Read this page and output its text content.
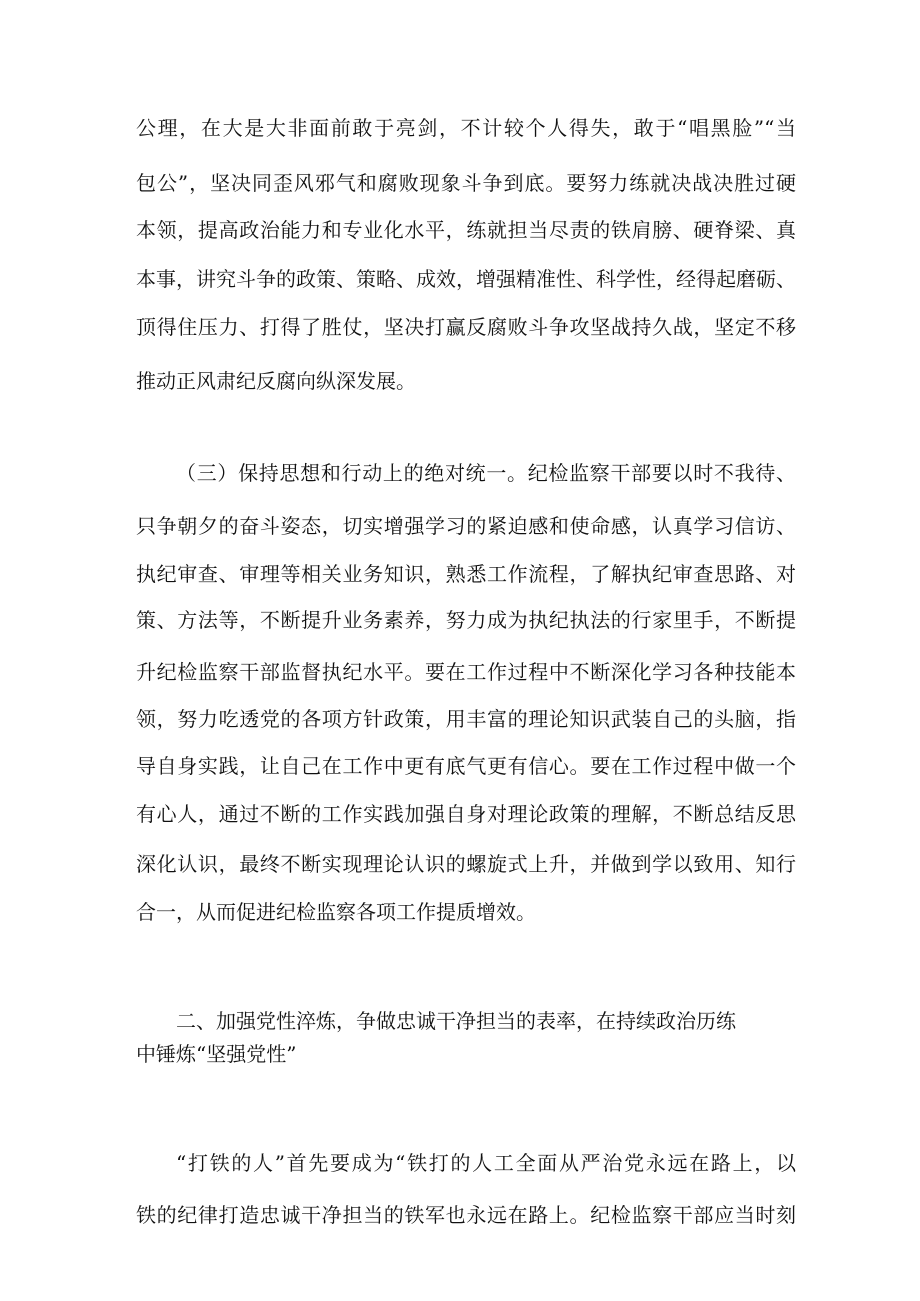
公理，在大是大非面前敢于亮剑，不计较个人得失，敢于“唱黑脸”“当
包公”，坚决同歪风邪气和腐败现象斗争到底。要努力练就决战决胜过硬
本领，提高政治能力和专业化水平，练就担当尽责的铁肩膀、硬脊梁、真
本事，讲究斗争的政策、策略、成效，增强精准性、科学性，经得起磨砺、
顶得住压力、打得了胜仗，坚决打赢反腐败斗争攻坚战持久战，坚定不移
推动正风肃纪反腐向纵深发展。
（三）保持思想和行动上的绝对统一。纪检监察干部要以时不我待、
只争朝夕的奋斗姿态，切实增强学习的紧迫感和使命感，认真学习信访、
执纪审查、审理等相关业务知识，熟悉工作流程，了解执纪审查思路、对
策、方法等，不断提升业务素养，努力成为执纪执法的行家里手，不断提
升纪检监察干部监督执纪水平。要在工作过程中不断深化学习各种技能本
领，努力吃透党的各项方针政策，用丰富的理论知识武装自己的头脑，指
导自身实践，让自己在工作中更有底气更有信心。要在工作过程中做一个
有心人，通过不断的工作实践加强自身对理论政策的理解，不断总结反思
深化认识，最终不断实现理论认识的螺旋式上升，并做到学以致用、知行
合一，从而促进纪检监察各项工作提质增效。
二、加强党性淬炼，争做忠诚干净担当的表率，在持续政治历练
中锤炼“坚强党性”
“打铁的人”首先要成为“铁打的人工全面从严治党永远在路上，以
铁的纪律打造忠诚干净担当的铁军也永远在路上。纪检监察干部应当时刻
